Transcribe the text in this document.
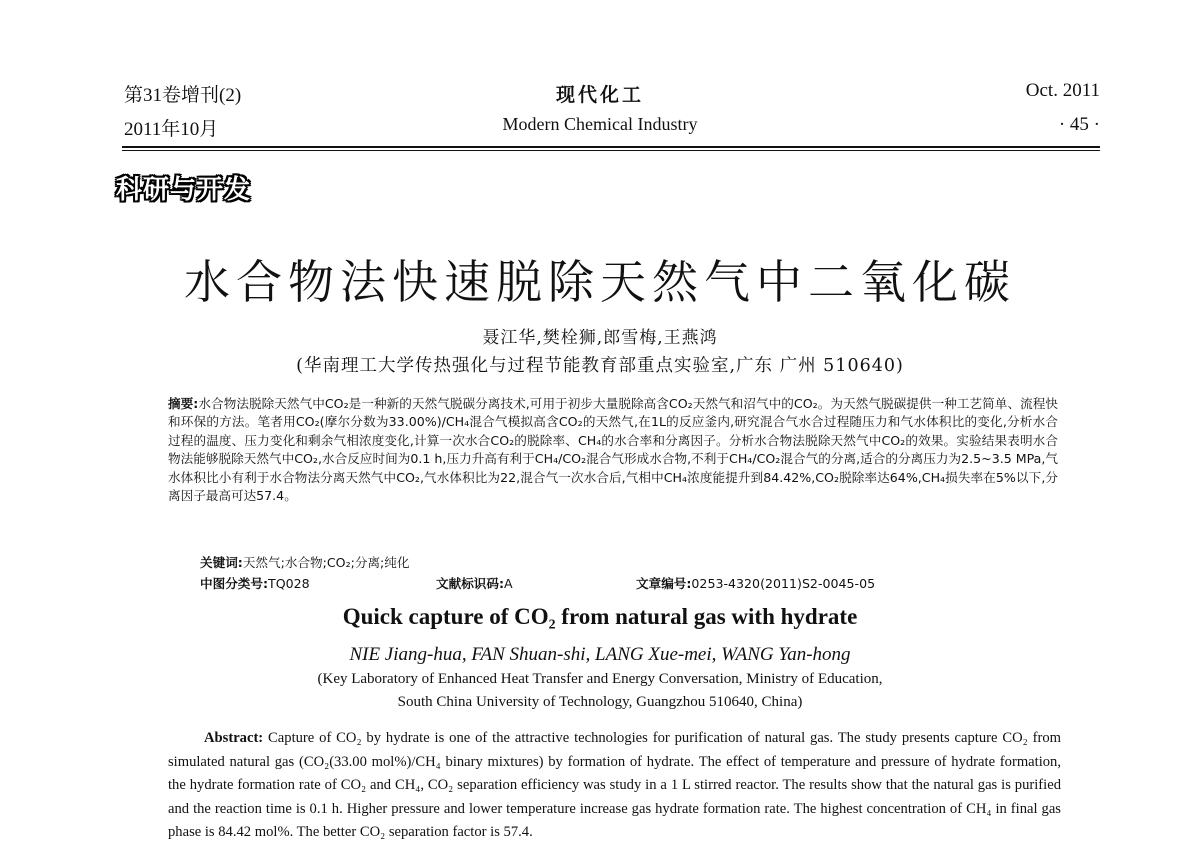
第31卷增刊(2)	现代化工	Oct. 2011
2011年10月	Modern Chemical Industry	· 45 ·
科研与开发
水合物法快速脱除天然气中二氧化碳
聂江华,樊栓狮,郎雪梅,王燕鸿
(华南理工大学传热强化与过程节能教育部重点实验室,广东 广州 510640)
摘要:水合物法脱除天然气中CO₂是一种新的天然气脱碳分离技术,可用于初步大量脱除高含CO₂天然气和沼气中的CO₂。为天然气脱碳提供一种工艺简单、流程快和环保的方法。笔者用CO₂(摩尔分数为33.00%)/CH₄混合气模拟高含CO₂的天然气,在1L的反应釜内,研究混合气水合过程随压力和气水体积比的变化,分析水合过程的温度、压力变化和剩余气相浓度变化,计算一次水合CO₂的脱除率、CH₄的水合率和分离因子。分析水合物法脱除天然气中CO₂的效果。实验结果表明水合物法能够脱除天然气中CO₂,水合反应时间为0.1 h,压力升高有利于CH₄/CO₂混合气形成水合物,不利于CH₄/CO₂混合气的分离,适合的分离压力为2.5~3.5 MPa,气水体积比小有利于水合物法分离天然气中CO₂,气水体积比为22,混合气一次水合后,气相中CH₄浓度能提升到84.42%,CO₂脱除率达64%,CH₄损失率在5%以下,分离因子最高可达57.4。
关键词:天然气;水合物;CO₂;分离;纯化
中图分类号:TQ028	文献标识码:A	文章编号:0253-4320(2011)S2-0045-05
Quick capture of CO₂ from natural gas with hydrate
NIE Jiang-hua, FAN Shuan-shi, LANG Xue-mei, WANG Yan-hong
(Key Laboratory of Enhanced Heat Transfer and Energy Conversation, Ministry of Education,
South China University of Technology, Guangzhou 510640, China)
Abstract: Capture of CO₂ by hydrate is one of the attractive technologies for purification of natural gas. The study presents capture CO₂ from simulated natural gas (CO₂(33.00 mol%)/CH₄ binary mixtures) by formation of hydrate. The effect of temperature and pressure of hydrate formation, the hydrate formation rate of CO₂ and CH₄, CO₂ separation efficiency was study in a 1 L stirred reactor. The results show that the natural gas is purified and the reaction time is 0.1 h. Higher pressure and lower temperature increase gas hydrate formation rate. The highest concentration of CH₄ in final gas phase is 84.42 mol%. The better CO₂ separation factor is 57.4.
